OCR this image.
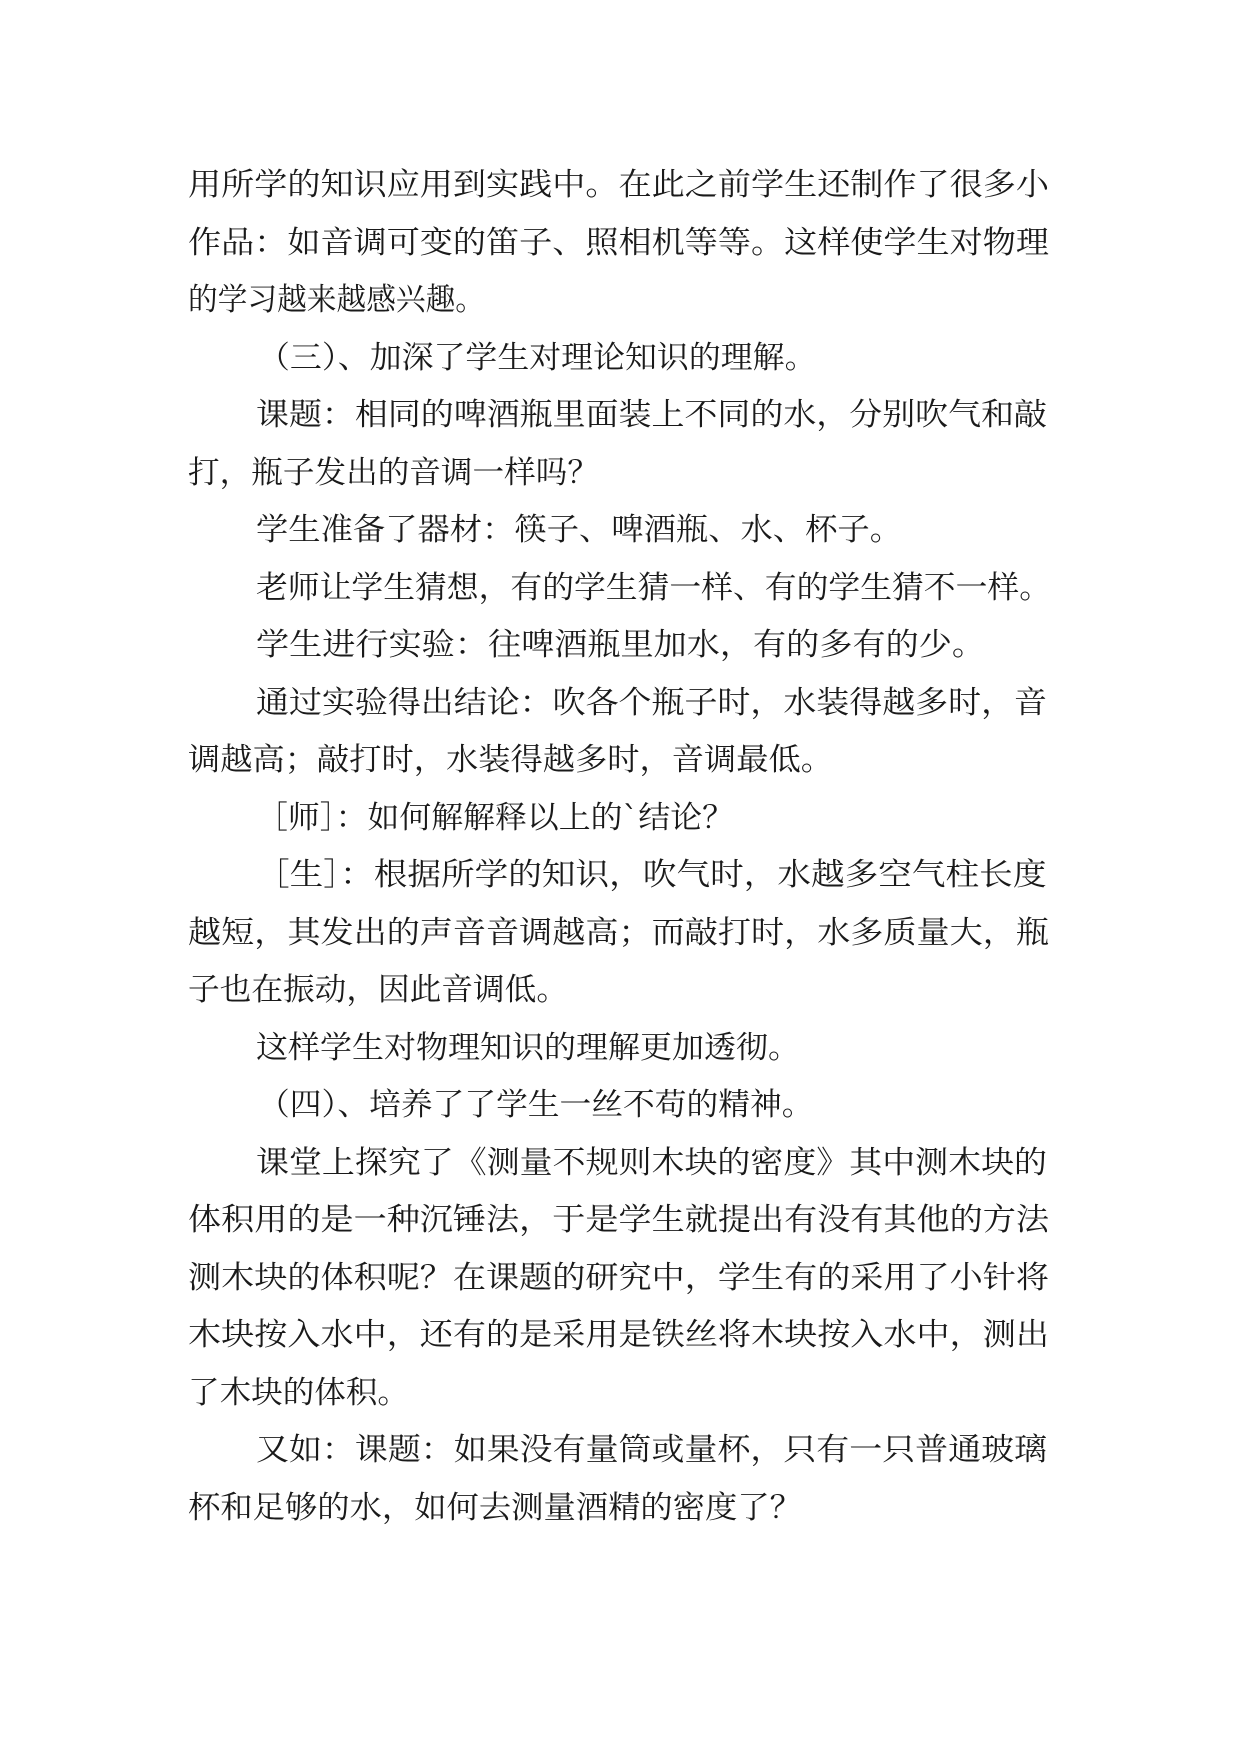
用所学的知识应用到实践中。在此之前学生还制作了很多小

作品：如音调可变的笛子、照相机等等。这样使学生对物理

的学习越来越感兴趣。

（三）、加深了学生对理论知识的理解。

课题：相同的啤酒瓶里面装上不同的水，分别吹气和敲

打，瓶子发出的音调一样吗？

学生准备了器材：筷子、啤酒瓶、水、杯子。

老师让学生猜想，有的学生猜一样、有的学生猜不一样。

学生进行实验：往啤酒瓶里加水，有的多有的少。

通过实验得出结论：吹各个瓶子时，水装得越多时，音

调越高；敲打时，水装得越多时，音调最低。

［师］：如何解解释以上的`结论？

［生］：根据所学的知识，吹气时，水越多空气柱长度

越短，其发出的声音音调越高；而敲打时，水多质量大，瓶

子也在振动，因此音调低。

这样学生对物理知识的理解更加透彻。

（四）、培养了了学生一丝不苟的精神。

课堂上探究了《测量不规则木块的密度》其中测木块的

体积用的是一种沉锤法，于是学生就提出有没有其他的方法

测木块的体积呢？在课题的研究中，学生有的采用了小针将

木块按入水中，还有的是采用是铁丝将木块按入水中，测出

了木块的体积。

又如：课题：如果没有量筒或量杯，只有一只普通玻璃

杯和足够的水，如何去测量酒精的密度了？
